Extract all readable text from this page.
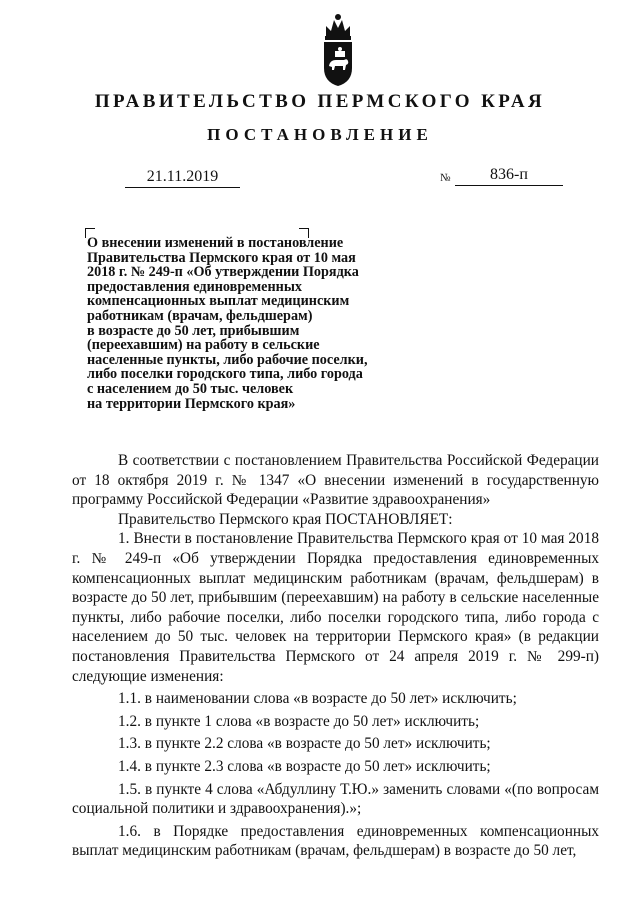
ПРАВИТЕЛЬСТВО ПЕРМСКОГО КРАЯ
ПОСТАНОВЛЕНИЕ
21.11.2019	№	836-п
О внесении изменений в постановление
Правительства Пермского края от 10 мая
2018 г. № 249-п «Об утверждении Порядка
предоставления единовременных
компенсационных выплат медицинским
работникам (врачам, фельдшерам)
в возрасте до 50 лет, прибывшим
(переехавшим) на работу в сельские
населенные пункты, либо рабочие поселки,
либо поселки городского типа, либо города
с населением до 50 тыс. человек
на территории Пермского края»

В соответствии с постановлением Правительства Российской Федерации от 18 октября 2019 г. № 1347 «О внесении изменений в государственную программу Российской Федерации «Развитие здравоохранения»

Правительство Пермского края ПОСТАНОВЛЯЕТ:

1. Внести в постановление Правительства Пермского края от 10 мая 2018 г. № 249-п «Об утверждении Порядка предоставления единовременных компенсационных выплат медицинским работникам (врачам, фельдшерам) в возрасте до 50 лет, прибывшим (переехавшим) на работу в сельские населенные пункты, либо рабочие поселки, либо поселки городского типа, либо города с населением до 50 тыс. человек на территории Пермского края» (в редакции постановления Правительства Пермского от 24 апреля 2019 г. № 299-п) следующие изменения:

1.1. в наименовании слова «в возрасте до 50 лет» исключить;

1.2. в пункте 1 слова «в возрасте до 50 лет» исключить;

1.3. в пункте 2.2 слова «в возрасте до 50 лет» исключить;

1.4. в пункте 2.3 слова «в возрасте до 50 лет» исключить;

1.5. в пункте 4 слова «Абдуллину Т.Ю.» заменить словами «(по вопросам социальной политики и здравоохранения).»;

1.6. в Порядке предоставления единовременных компенсационных выплат медицинским работникам (врачам, фельдшерам) в возрасте до 50 лет,
